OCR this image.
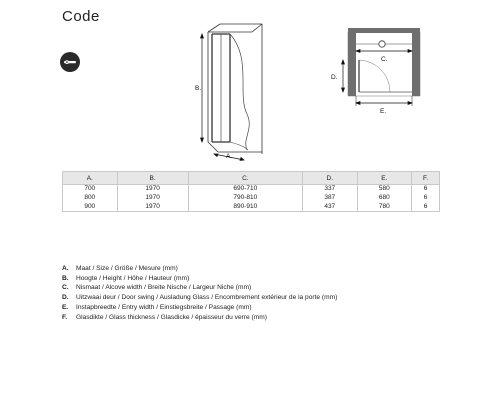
Code
B.
A.
C.
D.
E.
A.	B.	C.	D.	E.	F.
700	1970	690-710	337	580	6
800	1970	790-810	387	680	6
900	1970	890-910	437	780	6
A. Maat / Size / Größe / Mesure (mm)
B. Hoogte / Height / Höhe / Hauteur (mm)
C. Nismaat / Alcove width / Breite Nische / Largeur Niche (mm)
D. Uitzwaai deur / Door swing / Ausladung Glass / Encombrement extérieur de la porte (mm)
E. Instapbreedte / Entry width / Einstiegsbreite / Passage (mm)
F. Glasdikte / Glass thickness / Glasdicke / épaisseur du verre (mm)
